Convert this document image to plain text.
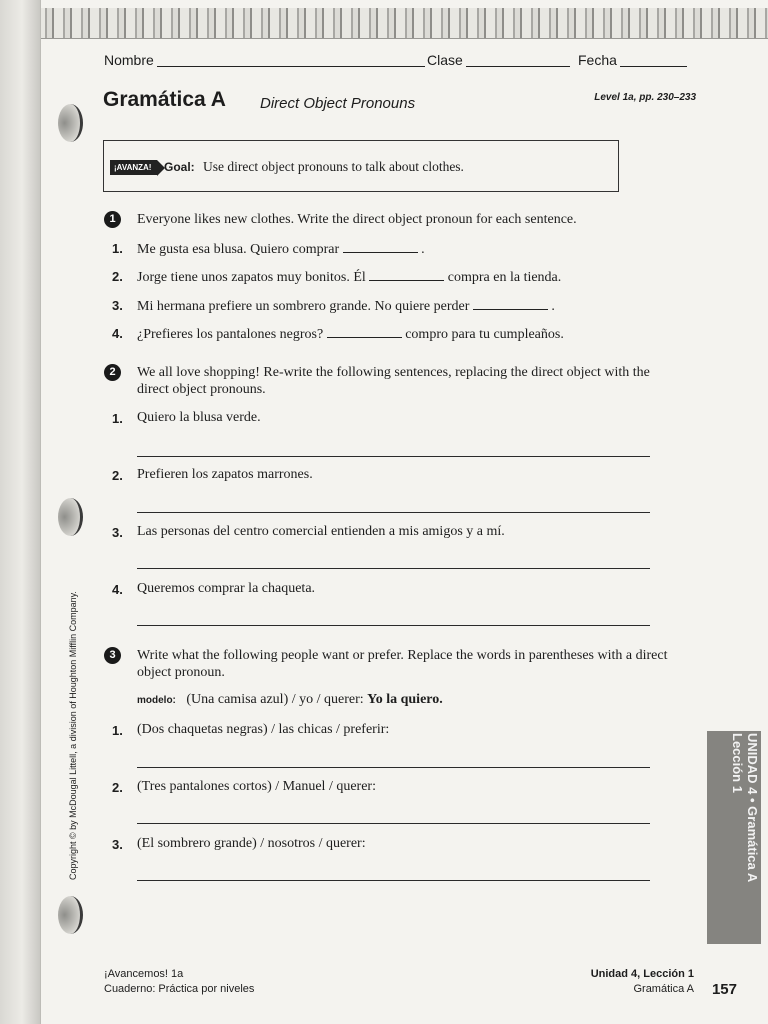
Nombre	Clase	Fecha
Gramática A Direct Object Pronouns	Level 1a, pp. 230–233
¡AVANZA!	Goal: Use direct object pronouns to talk about clothes.
1	Everyone likes new clothes. Write the direct object pronoun for each sentence.
1. Me gusta esa blusa. Quiero comprar	.
2. Jorge tiene unos zapatos muy bonitos. Él	compra en la tienda.
3. Mi hermana prefiere un sombrero grande. No quiere perder	.
4. ¿Prefieres los pantalones negros?	compro para tu cumpleaños.
2	We all love shopping! Re-write the following sentences, replacing the direct object with the direct object pronouns.
1. Quiero la blusa verde.
2. Prefieren los zapatos marrones.
3. Las personas del centro comercial entienden a mis amigos y a mí.
4. Queremos comprar la chaqueta.
3	Write what the following people want or prefer. Replace the words in parentheses with a direct object pronoun.
modelo: (Una camisa azul) / yo / querer: Yo la quiero.
1. (Dos chaquetas negras) / las chicas / preferir:
2. (Tres pantalones cortos) / Manuel / querer:
3. (El sombrero grande) / nosotros / querer:	UNIDAD 4 • Gramática A
Lección 1
Copyright © by McDougal Littell, a division of Houghton Mifflin Company.
¡Avancemos! 1a
Cuaderno: Práctica por niveles
Unidad 4, Lección 1
Gramática A 157
